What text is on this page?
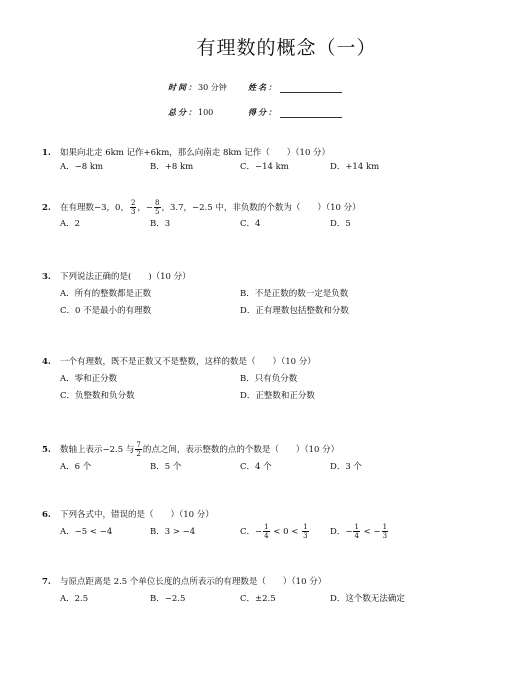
有理数的概念（一）
时间：30 分钟	姓名：
总分：100	得分：
1. 如果向北走 6km 记作+6km，那么向南走 8km 记作（　　）（10 分）
A．−8 km	B．+8 km	C．−14 km	D．+14 km
2. 在有理数−3，0， $\frac{2}{3}$ ，− $\frac{8}{5}$ ，3.7，−2.5 中，非负数的个数为（　　）（10 分）
A．2	B．3	C．4	D．5
3. 下列说法正确的是(　　)（10 分）
A．所有的整数都是正数	B．不是正数的数一定是负数
C．0 不是最小的有理数	D．正有理数包括整数和分数
4. 一个有理数，既不是正数又不是整数，这样的数是（　　）（10 分）
A．零和正分数	B．只有负分数
C．负整数和负分数	D．正整数和正分数
5. 数轴上表示−2.5 与 $\frac{7}{2}$ 的点之间，表示整数的点的个数是（　　）（10 分）
A．6 个	B．5 个	C．4 个	D．3 个
6. 下列各式中，错误的是（　　）（10 分）
A．−5 < −4	B．3 > −4	C．− $\frac{1}{4} < 0 < \frac{1}{3}$	D．− $\frac{1}{4}$ < − $\frac{1}{3}$
7. 与原点距离是 2.5 个单位长度的点所表示的有理数是（　　）（10 分）
A．2.5	B．−2.5	C．±2.5	D．这个数无法确定
